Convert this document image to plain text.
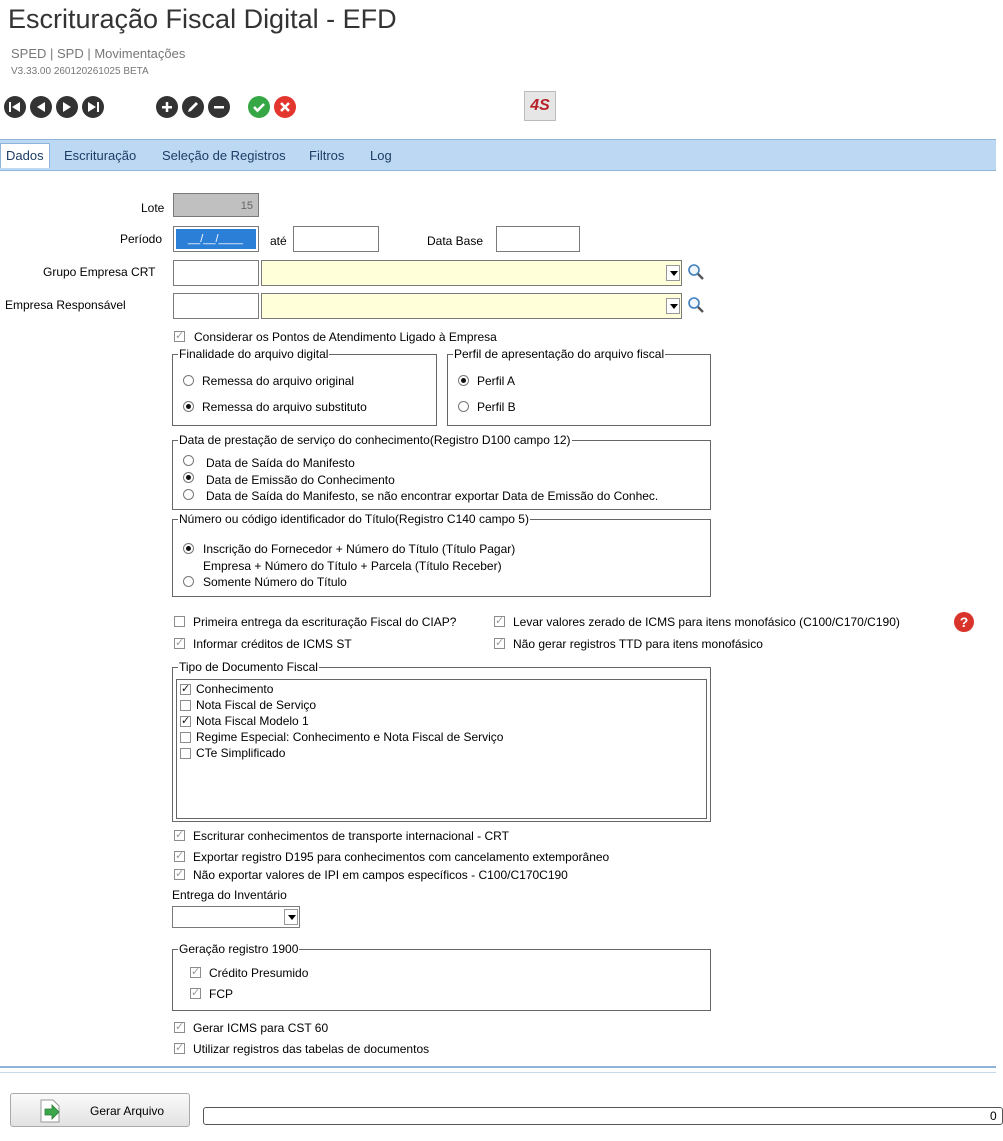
Escrituração Fiscal Digital - EFD
SPED | SPD | Movimentações
V3.33.00 260120261025 BETA
4S
Dados	Escrituração Seleção de Registros Filtros Log
Lote	15
Período	__/__/____	até	Data Base
Grupo Empresa CRT
Empresa Responsável
✓
Considerar os Pontos de Atendimento Ligado à Empresa
Finalidade do arquivo digital
Remessa do arquivo original
Remessa do arquivo substituto
Perfil de apresentação do arquivo fiscal
Perfil A
Perfil B
Data de prestação de serviço do conhecimento(Registro D100 campo 12)
Data de Saída do Manifesto
Data de Emissão do Conhecimento
Data de Saída do Manifesto, se não encontrar exportar Data de Emissão do Conhec.
Número ou código identificador do Título(Registro C140 campo 5)
Inscrição do Fornecedor + Número do Título (Título Pagar)
Empresa + Número do Título + Parcela (Título Receber)
Somente Número do Título
Primeira entrega da escrituração Fiscal do CIAP? ✓	Levar valores zerado de ICMS para itens monofásico (C100/C170/C190)	?
✓
Informar créditos de ICMS ST ✓	Não gerar registros TTD para itens monofásico
Tipo de Documento Fiscal
✓
Conhecimento
Nota Fiscal de Serviço
✓
Nota Fiscal Modelo 1
Regime Especial: Conhecimento e Nota Fiscal de Serviço
CTe Simplificado
✓
Escriturar conhecimentos de transporte internacional - CRT
✓
Exportar registro D195 para conhecimentos com cancelamento extemporâneo
✓
Não exportar valores de IPI em campos específicos - C100/C170C190
Entrega do Inventário
Geração registro 1900
✓
Crédito Presumido
✓
FCP
✓
Gerar ICMS para CST 60
✓
Utilizar registros das tabelas de documentos
Gerar Arquivo	0
